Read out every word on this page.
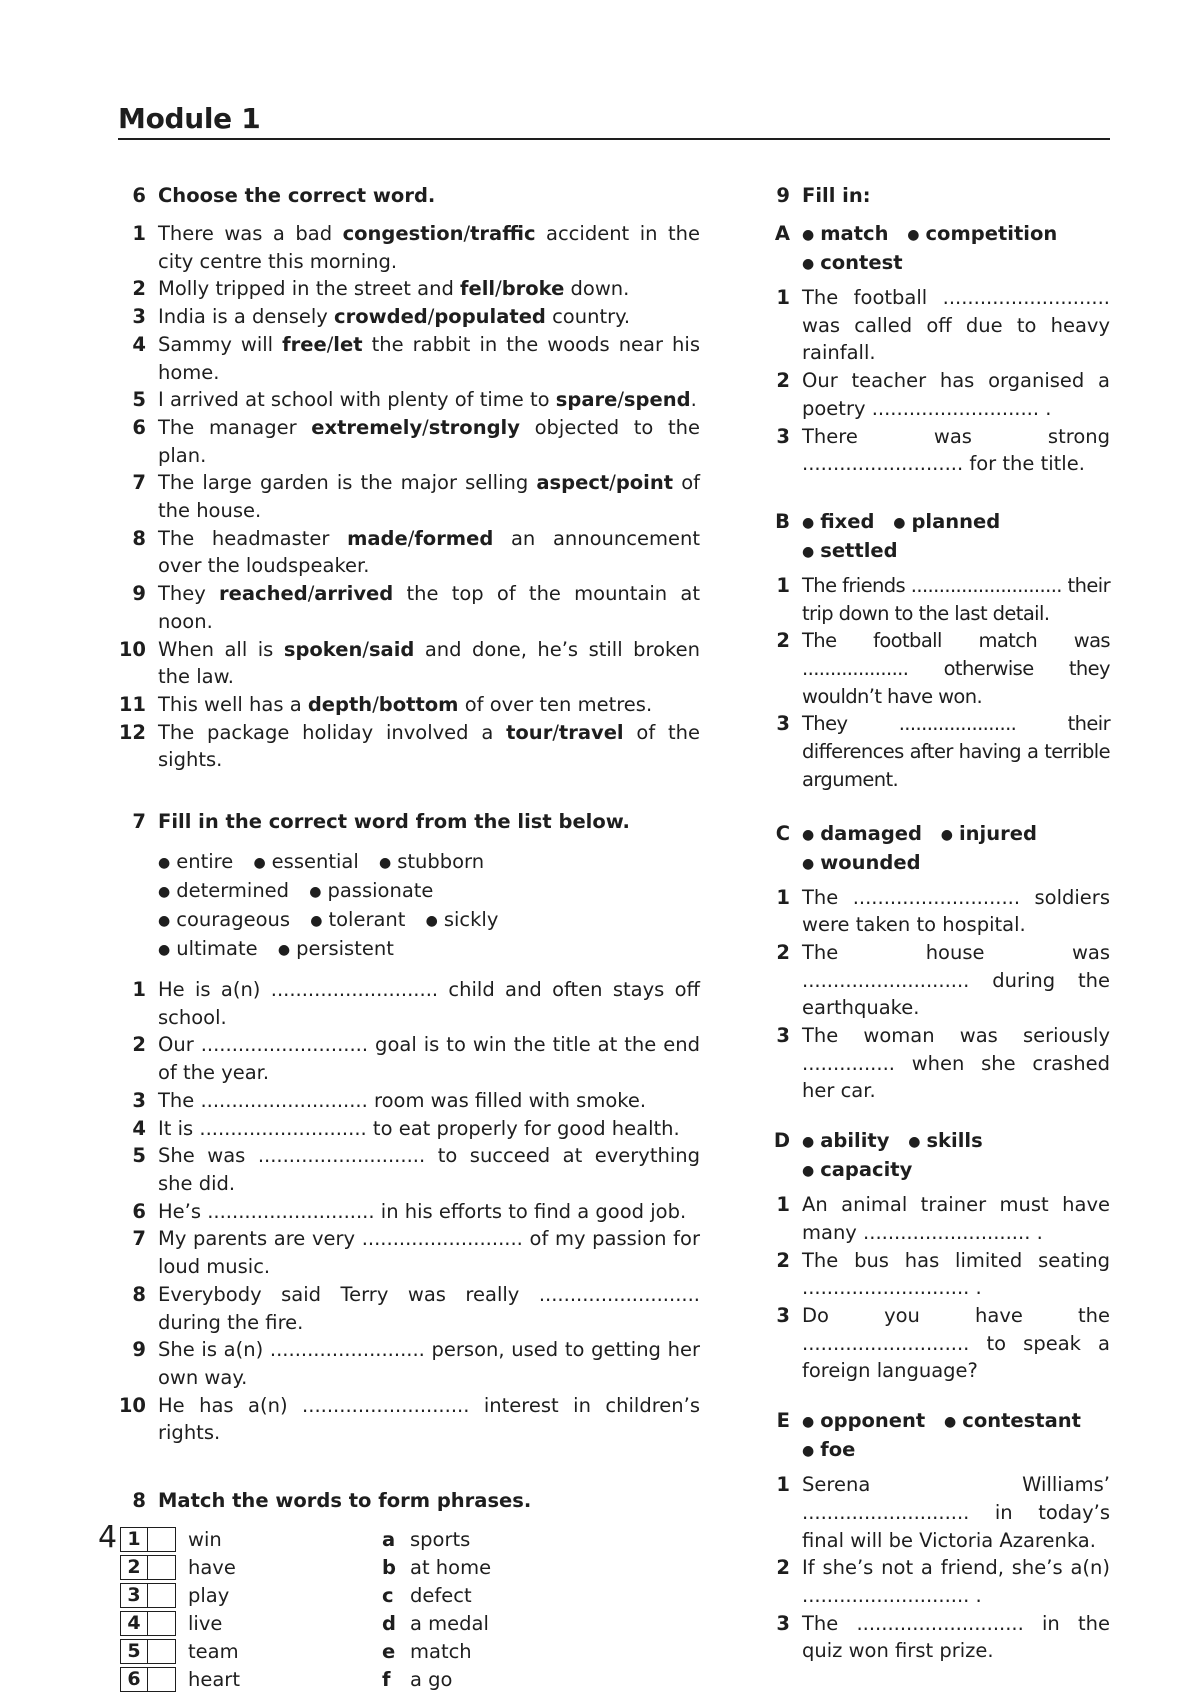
Module 1
6 Choose the correct word.
1 There was a bad congestion/traffic accident in the city centre this morning.
2 Molly tripped in the street and fell/broke down.
3 India is a densely crowded/populated country.
4 Sammy will free/let the rabbit in the woods near his home.
5 I arrived at school with plenty of time to spare/spend.
6 The manager extremely/strongly objected to the plan.
7 The large garden is the major selling aspect/point of the house.
8 The headmaster made/formed an announcement over the loudspeaker.
9 They reached/arrived the top of the mountain at noon.
10 When all is spoken/said and done, he’s still broken the law.
11 This well has a depth/bottom of over ten metres.
12 The package holiday involved a tour/travel of the sights.
7 Fill in the correct word from the list below.
● entire ● essential ● stubborn ● determined ● passionate ● courageous ● tolerant ● sickly ● ultimate ● persistent
1 He is a(n) ........................... child and often stays off school.
2 Our ........................... goal is to win the title at the end of the year.
3 The ........................... room was filled with smoke.
4 It is ........................... to eat properly for good health.
5 She was ........................... to succeed at everything she did.
6 He’s ........................... in his efforts to find a good job.
7 My parents are very .......................... of my passion for loud music.
8 Everybody said Terry was really .......................... during the fire.
9 She is a(n) ......................... person, used to getting her own way.
10 He has a(n) ........................... interest in children’s rights.
8 Match the words to form phrases.
1	win	a sports
2	have	b at home
3	play	c defect
4	live	d a medal
5	team	e match
6	heart	f	a go
9 Fill in:
A ● match ● competition ● contest
1 The football ........................... was called off due to heavy rainfall.
2 Our teacher has organised a poetry ........................... .
3 There was strong .......................... for the title.
B ● fixed ● planned ● settled
1 The friends ........................... their trip down to the last detail.
2 The football match was ................... otherwise they wouldn’t have won.
3 They ..................... their differences after having a terrible argument.
C ● damaged ● injured ● wounded
1 The ........................... soldiers were taken to hospital.
2 The house was ........................... during the earthquake.
3 The woman was seriously ............... when she crashed her car.
D ● ability ● skills ● capacity
1 An animal trainer must have many ........................... .
2 The bus has limited seating ........................... .
3 Do you have the ........................... to speak a foreign language?
E ● opponent ● contestant ● foe
1 Serena Williams’ ........................... in today’s final will be Victoria Azarenka.
2 If she’s not a friend, she’s a(n) ........................... .
3 The ........................... in the quiz won first prize.
4
